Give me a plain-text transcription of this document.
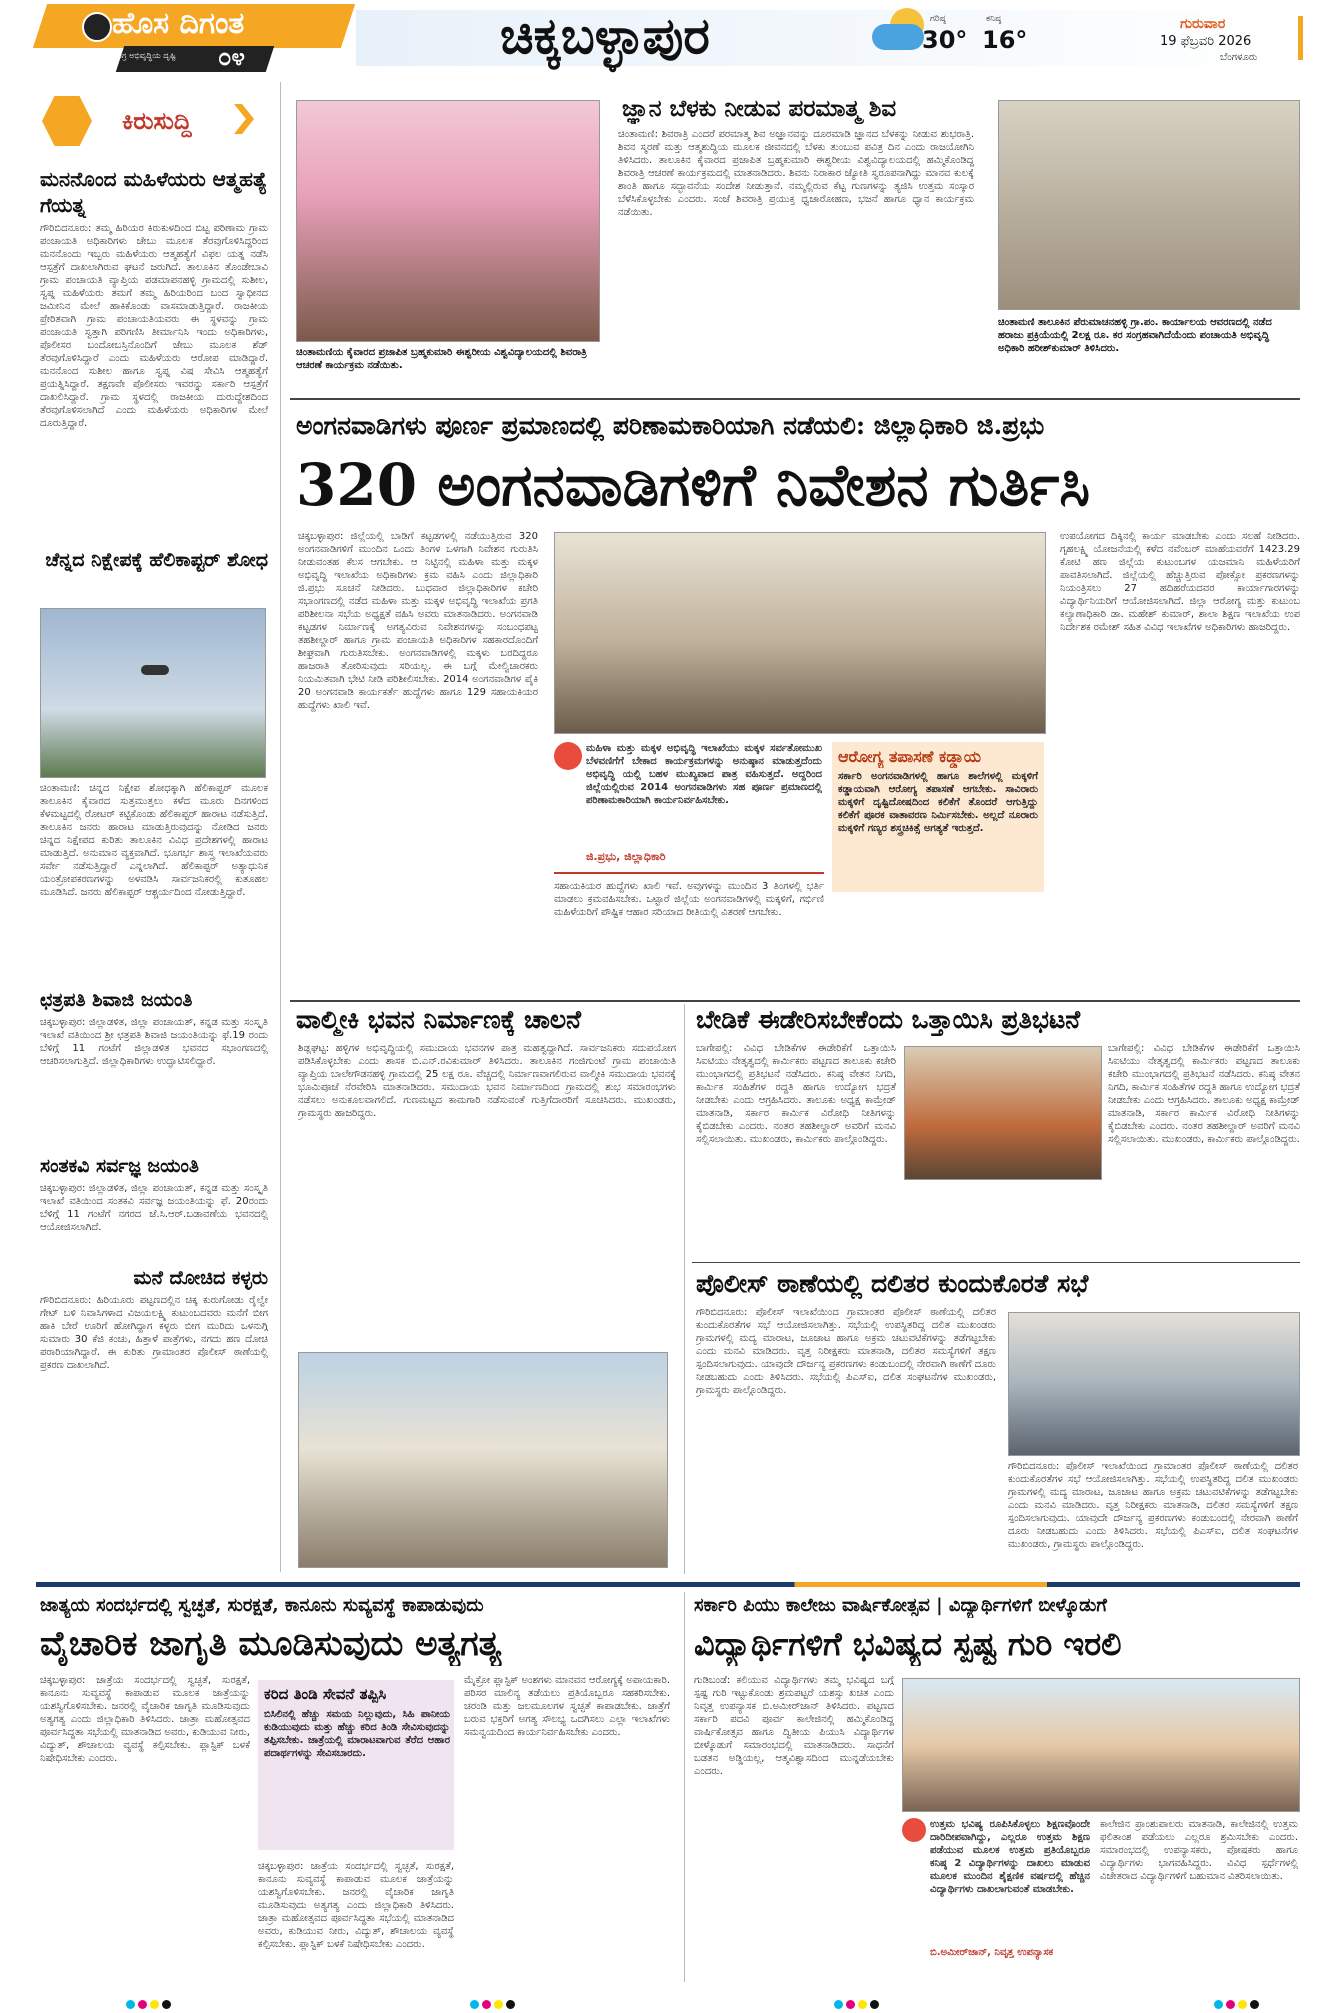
ಹೊಸ ದಿಗಂತ
ಸಮಗ್ರ ಅಭಿವೃದ್ಧಿಯ ದೃಷ್ಟಿ	೦೪	ಚಿಕ್ಕಬಳ್ಳಾಪುರ	ಗರಿಷ್ಠ
30°
ಕನಿಷ್ಠ
16°
ಗುರುವಾರ
19 ಫೆಬ್ರವರಿ 2026
ಬೆಂಗಳೂರು
ಕಿರುಸುದ್ದಿ
ಮನನೊಂದ ಮಹಿಳೆಯರು ಆತ್ಮಹತ್ಯೆ ಗೆಯತ್ನ
ಗೌರಿಬಿದನೂರು: ತಮ್ಮ ಹಿರಿಯರ ಕಿರುಕುಳದಿಂದ ಬಿಟ್ಟ ಪರಿಣಾಮ ಗ್ರಾಮ ಪಂಚಾಯತಿ ಅಧಿಕಾರಿಗಳು ಜೇಬು ಮೂಲಕ ತೆರವುಗೊಳಿಸಿದ್ದರಿಂದ ಮನನೊಂದು ಇಬ್ಬರು ಮಹಿಳೆಯರು ಆತ್ಮಹತ್ಯೆಗೆ ವಿಫಲ ಯತ್ನ ನಡೆಸಿ ಆಸ್ಪತ್ರೆಗೆ ದಾಖಲಾಗಿರುವ ಘಟನೆ ಜರುಗಿದೆ. ತಾಲೂಕಿನ ತೊಂಡೇಬಾವಿ ಗ್ರಾಮ ಪಂಚಾಯತಿ ವ್ಯಾಪ್ತಿಯ ಪಡಮಾಪನಹಳ್ಳಿ ಗ್ರಾಮದಲ್ಲಿ ಸುಶೀಲ, ಸ್ವಪ್ನ ಮಹಿಳೆಯರು ತಮಗೆ ತಮ್ಮ ಹಿರಿಯರಿಂದ ಬಂದ ಸ್ವಾಧೀನದ ಜಮೀನಿನ ಮೇಲೆ ಹಾಕಿಕೊಂಡು ವಾಸಮಾಡುತ್ತಿದ್ದಾರೆ. ರಾಜಕೀಯ ಪ್ರೇರಿತವಾಗಿ ಗ್ರಾಮ ಪಂಚಾಯತಿಯವರು ಈ ಸ್ಥಳವನ್ನು ಗ್ರಾಮ ಪಂಚಾಯತಿ ಸ್ವತ್ತಾಗಿ ಪರಿಗಣಿಸಿ ತೀರ್ಮಾನಿಸಿ ಇಂದು ಅಧಿಕಾರಿಗಳು, ಪೊಲೀಸರ ಬಂದೋಬಸ್ತಿನೊಂದಿಗೆ ಜೇಬು ಮೂಲಕ ಶೆಡ್ ತೆರವುಗೊಳಿಸಿದ್ದಾರೆ ಎಂದು ಮಹಿಳೆಯರು ಆರೋಪ ಮಾಡಿದ್ದಾರೆ. ಮನನೊಂದ ಸುಶೀಲ ಹಾಗೂ ಸ್ವಪ್ನ ವಿಷ ಸೇವಿಸಿ ಆತ್ಮಹತ್ಯೆಗೆ ಪ್ರಯತ್ನಿಸಿದ್ದಾರೆ. ತಕ್ಷಣವೇ ಪೊಲೀಸರು ಇವರನ್ನು ಸರ್ಕಾರಿ ಆಸ್ಪತ್ರೆಗೆ ದಾಖಲಿಸಿದ್ದಾರೆ. ಗ್ರಾಮ ಸ್ಥಳದಲ್ಲಿ ರಾಜಕೀಯ ದುರುದ್ದೇಶದಿಂದ ತೆರವುಗೊಳಿಸಲಾಗಿದೆ ಎಂದು ಮಹಿಳೆಯರು ಅಧಿಕಾರಿಗಳ ಮೇಲೆ ದೂರುತ್ತಿದ್ದಾರೆ.
ಚೆನ್ನದ ನಿಕ್ಷೇಪಕ್ಕೆ ಹೆಲಿಕಾಪ್ಟರ್ ಶೋಧ
ಚಿಂತಾಮಣಿ: ಚಿನ್ನದ ನಿಕ್ಷೇಪ ಶೋಧಕ್ಕಾಗಿ ಹೆಲಿಕಾಪ್ಟರ್ ಮೂಲಕ ತಾಲೂಕಿನ ಕೈವಾರದ ಸುತ್ತಮುತ್ತಲು ಕಳೆದ ಮೂರು ದಿನಗಳಿಂದ ಕೆಳಮಟ್ಟದಲ್ಲಿ ರೋಟರ್ ಕಟ್ಟಿಕೊಂಡು ಹೆಲಿಕಾಪ್ಟರ್ ಹಾರಾಟ ನಡೆಸುತ್ತಿದೆ. ತಾಲೂಕಿನ ಜನರು ಹಾರಾಟ ಮಾಡುತ್ತಿರುವುದನ್ನು ನೋಡಿದ ಜನರು ಚಿನ್ನದ ನಿಕ್ಷೇಪದ ಕುರಿತು ತಾಲೂಕಿನ ವಿವಿಧ ಪ್ರದೇಶಗಳಲ್ಲಿ ಹಾರಾಟ ಮಾಡುತ್ತಿದೆ. ಅನುಮಾನ ವ್ಯಕ್ತವಾಗಿದೆ. ಭೂಗರ್ಭ ಶಾಸ್ತ್ರ ಇಲಾಖೆಯವರು ಸರ್ವೇ ನಡೆಸುತ್ತಿದ್ದಾರೆ ಎನ್ನಲಾಗಿದೆ. ಹೆಲಿಕಾಪ್ಟರ್ ಅತ್ಯಾಧುನಿಕ ಯಂತ್ರೋಪಕರಣಗಳನ್ನು ಅಳವಡಿಸಿ ಸಾರ್ವಜನಿಕರಲ್ಲಿ ಕುತೂಹಲ ಮೂಡಿಸಿದೆ. ಜನರು ಹೆಲಿಕಾಪ್ಟರ್ ಆಶ್ಚರ್ಯದಿಂದ ನೋಡುತ್ತಿದ್ದಾರೆ.
ಛತ್ರಪತಿ ಶಿವಾಜಿ ಜಯಂತಿ
ಚಿಕ್ಕಬಳ್ಳಾಪುರ: ಜಿಲ್ಲಾಡಳಿತ, ಜಿಲ್ಲಾ ಪಂಚಾಯತ್, ಕನ್ನಡ ಮತ್ತು ಸಂಸ್ಕೃತಿ ಇಲಾಖೆ ವತಿಯಿಂದ ಶ್ರೀ ಛತ್ರಪತಿ ಶಿವಾಜಿ ಜಯಂತಿಯನ್ನು ಫೆ.19 ರಂದು ಬೆಳಿಗ್ಗೆ 11 ಗಂಟೆಗೆ ಜಿಲ್ಲಾಡಳಿತ ಭವನದ ಸಭಾಂಗಣದಲ್ಲಿ ಆಚರಿಸಲಾಗುತ್ತಿದೆ. ಜಿಲ್ಲಾಧಿಕಾರಿಗಳು ಉದ್ಘಾಟಿಸಲಿದ್ದಾರೆ.
ಸಂತಕವಿ ಸರ್ವಜ್ಞ ಜಯಂತಿ
ಚಿಕ್ಕಬಳ್ಳಾಪುರ: ಜಿಲ್ಲಾಡಳಿತ, ಜಿಲ್ಲಾ ಪಂಚಾಯತ್, ಕನ್ನಡ ಮತ್ತು ಸಂಸ್ಕೃತಿ ಇಲಾಖೆ ವತಿಯಿಂದ ಸಂತಕವಿ ಸರ್ವಜ್ಞ ಜಯಂತಿಯನ್ನು ಫೆ. 20ರಂದು ಬೆಳಿಗ್ಗೆ 11 ಗಂಟೆಗೆ ನಗರದ ಜೆ.ಸಿ.ಆರ್.ಬಡಾವಣೆಯ ಭವನದಲ್ಲಿ ಆಯೋಜಿಸಲಾಗಿದೆ.
ಮನೆ ದೋಚಿದ ಕಳ್ಳರು
ಗೌರಿಬಿದನೂರು: ಹಿರಿಯೂರು ಪಟ್ಟಣದಲ್ಲಿನ ಚಿಕ್ಕ ಕುರುಗೋಡು ರೈಲ್ವೇ ಗೇಟ್ ಬಳಿ ನಿವಾಸಿಗಳಾದ ವಿಜಯಲಕ್ಷ್ಮಿ ಕುಟುಂಬದವರು ಮನೆಗೆ ಬೀಗ ಹಾಕಿ ಬೇರೆ ಊರಿಗೆ ಹೋಗಿದ್ದಾಗ ಕಳ್ಳರು ಬೀಗ ಮುರಿದು ಒಳನುಗ್ಗಿ ಸುಮಾರು 30 ಕೆಜಿ ಕಂಚು, ಹಿತ್ತಾಳೆ ಪಾತ್ರೆಗಳು, ನಗದು ಹಣ ದೋಚಿ ಪರಾರಿಯಾಗಿದ್ದಾರೆ. ಈ ಕುರಿತು ಗ್ರಾಮಾಂತರ ಪೊಲೀಸ್ ಠಾಣೆಯಲ್ಲಿ ಪ್ರಕರಣ ದಾಖಲಾಗಿದೆ.
ಚಿಂತಾಮಣಿಯ ಕೈವಾರದ ಪ್ರಜಾಪಿತ ಬ್ರಹ್ಮಕುಮಾರಿ ಈಶ್ವರೀಯ ವಿಶ್ವವಿದ್ಯಾಲಯದಲ್ಲಿ ಶಿವರಾತ್ರಿ ಆಚರಣೆ ಕಾರ್ಯಕ್ರಮ ನಡೆಯಿತು.
ಜ್ಞಾನ ಬೆಳಕು ನೀಡುವ ಪರಮಾತ್ಮ ಶಿವ
ಚಿಂತಾಮಣಿ: ಶಿವರಾತ್ರಿ ಎಂದರೆ ಪರಮಾತ್ಮ ಶಿವ ಅಜ್ಞಾನವನ್ನು ದೂರಮಾಡಿ ಜ್ಞಾನದ ಬೆಳಕನ್ನು ನೀಡುವ ಶುಭರಾತ್ರಿ. ಶಿವನ ಸ್ಮರಣೆ ಮತ್ತು ಆತ್ಮಶುದ್ಧಿಯ ಮೂಲಕ ಜೀವನದಲ್ಲಿ ಬೆಳಕು ತುಂಬುವ ಪವಿತ್ರ ದಿನ ಎಂದು ರಾಜಯೋಗಿನಿ ತಿಳಿಸಿದರು. ತಾಲೂಕಿನ ಕೈವಾರದ ಪ್ರಜಾಪಿತ ಬ್ರಹ್ಮಕುಮಾರಿ ಈಶ್ವರೀಯ ವಿಶ್ವವಿದ್ಯಾಲಯದಲ್ಲಿ ಹಮ್ಮಿಕೊಂಡಿದ್ದ ಶಿವರಾತ್ರಿ ಆಚರಣೆ ಕಾರ್ಯಕ್ರಮದಲ್ಲಿ ಮಾತನಾಡಿದರು. ಶಿವನು ನಿರಾಕಾರ ಜ್ಯೋತಿ ಸ್ವರೂಪನಾಗಿದ್ದು ಮಾನವ ಕುಲಕ್ಕೆ ಶಾಂತಿ ಹಾಗೂ ಸದ್ಭಾವನೆಯ ಸಂದೇಶ ನೀಡುತ್ತಾನೆ. ನಮ್ಮಲ್ಲಿರುವ ಕೆಟ್ಟ ಗುಣಗಳನ್ನು ತ್ಯಜಿಸಿ ಉತ್ತಮ ಸಂಸ್ಕಾರ ಬೆಳೆಸಿಕೊಳ್ಳಬೇಕು ಎಂದರು. ಸಂಜೆ ಶಿವರಾತ್ರಿ ಪ್ರಯುಕ್ತ ಧ್ವಜಾರೋಹಣ, ಭಜನೆ ಹಾಗೂ ಧ್ಯಾನ ಕಾರ್ಯಕ್ರಮ ನಡೆಯಿತು.
ಚಿಂತಾಮಣಿ ತಾಲೂಕಿನ ಪೆರುಮಾಚನಹಳ್ಳಿ ಗ್ರಾ.ಪಂ. ಕಾರ್ಯಾಲಯ ಆವರಣದಲ್ಲಿ ನಡೆದ ಹರಾಜು ಪ್ರಕ್ರಿಯೆಯಲ್ಲಿ 2ಲಕ್ಷ ರೂ. ಕರ ಸಂಗ್ರಹವಾಗಿದೆಯೆಂದು ಪಂಚಾಯತಿ ಅಭಿವೃದ್ಧಿ ಅಧಿಕಾರಿ ಹರೀಶ್‌ಕುಮಾರ್ ತಿಳಿಸಿದರು.
ಅಂಗನವಾಡಿಗಳು ಪೂರ್ಣ ಪ್ರಮಾಣದಲ್ಲಿ ಪರಿಣಾಮಕಾರಿಯಾಗಿ ನಡೆಯಲಿ: ಜಿಲ್ಲಾಧಿಕಾರಿ ಜಿ.ಪ್ರಭು
320 ಅಂಗನವಾಡಿಗಳಿಗೆ ನಿವೇಶನ ಗುರ್ತಿಸಿ
ಚಿಕ್ಕಬಳ್ಳಾಪುರ: ಜಿಲ್ಲೆಯಲ್ಲಿ ಬಾಡಿಗೆ ಕಟ್ಟಡಗಳಲ್ಲಿ ನಡೆಯುತ್ತಿರುವ 320 ಅಂಗನವಾಡಿಗಳಿಗೆ ಮುಂದಿನ ಒಂದು ತಿಂಗಳ ಒಳಗಾಗಿ ನಿವೇಶನ ಗುರುತಿಸಿ ನೀಡುವಂತಹ ಕೆಲಸ ಆಗಬೇಕು. ಆ ನಿಟ್ಟಿನಲ್ಲಿ ಮಹಿಳಾ ಮತ್ತು ಮಕ್ಕಳ ಅಭಿವೃದ್ಧಿ ಇಲಾಖೆಯ ಅಧಿಕಾರಿಗಳು ಕ್ರಮ ವಹಿಸಿ ಎಂದು ಜಿಲ್ಲಾಧಿಕಾರಿ ಜಿ.ಪ್ರಭು ಸೂಚನೆ ನೀಡಿದರು. ಬುಧವಾರ ಜಿಲ್ಲಾಧಿಕಾರಿಗಳ ಕಚೇರಿ ಸಭಾಂಗಣದಲ್ಲಿ ನಡೆದ ಮಹಿಳಾ ಮತ್ತು ಮಕ್ಕಳ ಅಭಿವೃದ್ಧಿ ಇಲಾಖೆಯ ಪ್ರಗತಿ ಪರಿಶೀಲನಾ ಸಭೆಯ ಅಧ್ಯಕ್ಷತೆ ವಹಿಸಿ ಅವರು ಮಾತನಾಡಿದರು. ಅಂಗನವಾಡಿ ಕಟ್ಟಡಗಳ ನಿರ್ಮಾಣಕ್ಕೆ ಅಗತ್ಯವಿರುವ ನಿವೇಶನಗಳನ್ನು ಸಂಬಂಧಪಟ್ಟ ತಹಶೀಲ್ದಾರ್ ಹಾಗೂ ಗ್ರಾಮ ಪಂಚಾಯತಿ ಅಧಿಕಾರಿಗಳ ಸಹಕಾರದೊಂದಿಗೆ ಶೀಘ್ರವಾಗಿ ಗುರುತಿಸಬೇಕು. ಅಂಗನವಾಡಿಗಳಲ್ಲಿ ಮಕ್ಕಳು ಬರದಿದ್ದರೂ ಹಾಜರಾತಿ ತೋರಿಸುವುದು ಸರಿಯಲ್ಲ. ಈ ಬಗ್ಗೆ ಮೇಲ್ವಿಚಾರಕರು ನಿಯಮಿತವಾಗಿ ಭೇಟಿ ನೀಡಿ ಪರಿಶೀಲಿಸಬೇಕು. 2014 ಅಂಗನವಾಡಿಗಳ ಪೈಕಿ 20 ಅಂಗನವಾಡಿ ಕಾರ್ಯಕರ್ತೆ ಹುದ್ದೆಗಳು ಹಾಗೂ 129 ಸಹಾಯಕಿಯರ ಹುದ್ದೆಗಳು ಖಾಲಿ ಇವೆ.
ಮಹಿಳಾ ಮತ್ತು ಮಕ್ಕಳ ಅಭಿವೃದ್ಧಿ ಇಲಾಖೆಯು ಮಕ್ಕಳ ಸರ್ವತೋಮುಖ ಬೆಳವಣಿಗೆಗೆ ಬೇಕಾದ ಕಾರ್ಯಕ್ರಮಗಳನ್ನು ಅನುಷ್ಠಾನ ಮಾಡುತ್ತದೆಂದು ಅಭಿವೃದ್ಧಿ ಯಲ್ಲಿ ಬಹಳ ಮುಖ್ಯವಾದ ಪಾತ್ರ ವಹಿಸುತ್ತದೆ. ಅದ್ದರಿಂದ ಜಿಲ್ಲೆಯಲ್ಲಿರುವ 2014 ಅಂಗನವಾಡಿಗಳು ಸಹ ಪೂರ್ಣ ಪ್ರಮಾಣದಲ್ಲಿ ಪರಿಣಾಮಕಾರಿಯಾಗಿ ಕಾರ್ಯನಿರ್ವಹಿಸಬೇಕು.
ಜಿ.ಪ್ರಭು, ಜಿಲ್ಲಾಧಿಕಾರಿ
ಆರೋಗ್ಯ ತಪಾಸಣೆ ಕಡ್ಡಾಯ
ಸರ್ಕಾರಿ ಅಂಗನವಾಡಿಗಳಲ್ಲಿ ಹಾಗೂ ಶಾಲೆಗಳಲ್ಲಿ ಮಕ್ಕಳಿಗೆ ಕಡ್ಡಾಯವಾಗಿ ಆರೋಗ್ಯ ತಪಾಸಣೆ ಆಗಬೇಕು. ಸಾವಿರಾರು ಮಕ್ಕಳಿಗೆ ದೃಷ್ಟಿದೋಷದಿಂದ ಕಲಿಕೆಗೆ ತೊಂದರೆ ಆಗುತ್ತಿದ್ದು ಕಲಿಕೆಗೆ ಪೂರಕ ವಾತಾವರಣ ನಿರ್ಮಿಸಬೇಕು. ಅಲ್ಲದೆ ನೂರಾರು ಮಕ್ಕಳಿಗೆ ಗಣ್ಯರ ಶಸ್ತ್ರಚಿಕಿತ್ಸೆ ಅಗತ್ಯತೆ ಇರುತ್ತದೆ.
ಸಹಾಯಕಿಯರ ಹುದ್ದೆಗಳು ಖಾಲಿ ಇವೆ. ಅವುಗಳನ್ನು ಮುಂದಿನ 3 ತಿಂಗಳಲ್ಲಿ ಭರ್ತಿ ಮಾಡಲು ಕ್ರಮವಹಿಸಬೇಕು. ಒಟ್ಟಾರೆ ಜಿಲ್ಲೆಯ ಅಂಗನವಾಡಿಗಳಲ್ಲಿ ಮಕ್ಕಳಿಗೆ, ಗರ್ಭಿಣಿ ಮಹಿಳೆಯರಿಗೆ ಪೌಷ್ಟಿಕ ಆಹಾರ ಸರಿಯಾದ ರೀತಿಯಲ್ಲಿ ವಿತರಣೆ ಆಗಬೇಕು.
ಉಪಯೋಗದ ದಿಕ್ಕಿನಲ್ಲಿ ಕಾರ್ಯ ಮಾಡಬೇಕು ಎಂದು ಸಲಹೆ ನೀಡಿದರು. ಗೃಹಲಕ್ಷ್ಮಿ ಯೋಜನೆಯಲ್ಲಿ ಕಳೆದ ನವೆಂಬರ್ ಮಾಹೆಯವರೆಗೆ 1423.29 ಕೋಟಿ ಹಣ ಜಿಲ್ಲೆಯ ಕುಟುಂಬಗಳ ಯಜಮಾನಿ ಮಹಿಳೆಯರಿಗೆ ಪಾವತಿಸಲಾಗಿದೆ. ಜಿಲ್ಲೆಯಲ್ಲಿ ಹೆಚ್ಚುತ್ತಿರುವ ಪೋಕ್ಸೋ ಪ್ರಕರಣಗಳನ್ನು ನಿಯಂತ್ರಿಸಲು 27 ಹದಿಹರೆಯದವರ ಕಾರ್ಯಾಗಾರಗಳನ್ನು ವಿದ್ಯಾರ್ಥಿನಿಯರಿಗೆ ಆಯೋಜಿಸಲಾಗಿದೆ. ಜಿಲ್ಲಾ ಆರೋಗ್ಯ ಮತ್ತು ಕುಟುಂಬ ಕಲ್ಯಾಣಾಧಿಕಾರಿ ಡಾ. ಮಹೇಶ್ ಕುಮಾರ್, ಶಾಲಾ ಶಿಕ್ಷಣ ಇಲಾಖೆಯ ಉಪ ನಿರ್ದೇಶಕ ರಮೇಶ್ ಸಹಿತ ವಿವಿಧ ಇಲಾಖೆಗಳ ಅಧಿಕಾರಿಗಳು ಹಾಜರಿದ್ದರು.
ವಾಲ್ಮೀಕಿ ಭವನ ನಿರ್ಮಾಣಕ್ಕೆ ಚಾಲನೆ
ಶಿಡ್ಲಘಟ್ಟ: ಹಳ್ಳಿಗಳ ಅಭಿವೃದ್ಧಿಯಲ್ಲಿ ಸಮುದಾಯ ಭವನಗಳ ಪಾತ್ರ ಮಹತ್ವದ್ದಾಗಿದೆ. ಸಾರ್ವಜನಿಕರು ಸದುಪಯೋಗ ಪಡಿಸಿಕೊಳ್ಳಬೇಕು ಎಂದು ಶಾಸಕ ಬಿ.ಎನ್.ರವಿಕುಮಾರ್ ತಿಳಿಸಿದರು. ತಾಲೂಕಿನ ಗಂಜಿಗುಂಟೆ ಗ್ರಾಮ ಪಂಚಾಯಿತಿ ವ್ಯಾಪ್ತಿಯ ಬಾಲೇಗೌಡನಹಳ್ಳಿ ಗ್ರಾಮದಲ್ಲಿ 25 ಲಕ್ಷ ರೂ. ವೆಚ್ಚದಲ್ಲಿ ನಿರ್ಮಾಣವಾಗಲಿರುವ ವಾಲ್ಮೀಕಿ ಸಮುದಾಯ ಭವನಕ್ಕೆ ಭೂಮಿಪೂಜೆ ನೆರವೇರಿಸಿ ಮಾತನಾಡಿದರು. ಸಮುದಾಯ ಭವನ ನಿರ್ಮಾಣದಿಂದ ಗ್ರಾಮದಲ್ಲಿ ಶುಭ ಸಮಾರಂಭಗಳು ನಡೆಸಲು ಅನುಕೂಲವಾಗಲಿದೆ. ಗುಣಮಟ್ಟದ ಕಾಮಗಾರಿ ನಡೆಸುವಂತೆ ಗುತ್ತಿಗೆದಾರರಿಗೆ ಸೂಚಿಸಿದರು. ಮುಖಂಡರು, ಗ್ರಾಮಸ್ಥರು ಹಾಜರಿದ್ದರು.
ಬೇಡಿಕೆ ಈಡೇರಿಸಬೇಕೆಂದು ಒತ್ತಾಯಿಸಿ ಪ್ರತಿಭಟನೆ
ಬಾಗೇಪಲ್ಲಿ: ವಿವಿಧ ಬೇಡಿಕೆಗಳ ಈಡೇರಿಕೆಗೆ ಒತ್ತಾಯಿಸಿ ಸಿಐಟಿಯು ನೇತೃತ್ವದಲ್ಲಿ ಕಾರ್ಮಿಕರು ಪಟ್ಟಣದ ತಾಲೂಕು ಕಚೇರಿ ಮುಂಭಾಗದಲ್ಲಿ ಪ್ರತಿಭಟನೆ ನಡೆಸಿದರು. ಕನಿಷ್ಠ ವೇತನ ನಿಗದಿ, ಕಾರ್ಮಿಕ ಸಂಹಿತೆಗಳ ರದ್ದತಿ ಹಾಗೂ ಉದ್ಯೋಗ ಭದ್ರತೆ ನೀಡಬೇಕು ಎಂದು ಆಗ್ರಹಿಸಿದರು. ತಾಲೂಕು ಅಧ್ಯಕ್ಷ ಕಾಮ್ರೇಡ್ ಮಾತನಾಡಿ, ಸರ್ಕಾರ ಕಾರ್ಮಿಕ ವಿರೋಧಿ ನೀತಿಗಳನ್ನು ಕೈಬಿಡಬೇಕು ಎಂದರು. ನಂತರ ತಹಶೀಲ್ದಾರ್ ಅವರಿಗೆ ಮನವಿ ಸಲ್ಲಿಸಲಾಯಿತು. ಮುಖಂಡರು, ಕಾರ್ಮಿಕರು ಪಾಲ್ಗೊಂಡಿದ್ದರು.
ಬಾಗೇಪಲ್ಲಿ: ವಿವಿಧ ಬೇಡಿಕೆಗಳ ಈಡೇರಿಕೆಗೆ ಒತ್ತಾಯಿಸಿ ಸಿಐಟಿಯು ನೇತೃತ್ವದಲ್ಲಿ ಕಾರ್ಮಿಕರು ಪಟ್ಟಣದ ತಾಲೂಕು ಕಚೇರಿ ಮುಂಭಾಗದಲ್ಲಿ ಪ್ರತಿಭಟನೆ ನಡೆಸಿದರು. ಕನಿಷ್ಠ ವೇತನ ನಿಗದಿ, ಕಾರ್ಮಿಕ ಸಂಹಿತೆಗಳ ರದ್ದತಿ ಹಾಗೂ ಉದ್ಯೋಗ ಭದ್ರತೆ ನೀಡಬೇಕು ಎಂದು ಆಗ್ರಹಿಸಿದರು. ತಾಲೂಕು ಅಧ್ಯಕ್ಷ ಕಾಮ್ರೇಡ್ ಮಾತನಾಡಿ, ಸರ್ಕಾರ ಕಾರ್ಮಿಕ ವಿರೋಧಿ ನೀತಿಗಳನ್ನು ಕೈಬಿಡಬೇಕು ಎಂದರು. ನಂತರ ತಹಶೀಲ್ದಾರ್ ಅವರಿಗೆ ಮನವಿ ಸಲ್ಲಿಸಲಾಯಿತು. ಮುಖಂಡರು, ಕಾರ್ಮಿಕರು ಪಾಲ್ಗೊಂಡಿದ್ದರು.
ಪೊಲೀಸ್ ಠಾಣೆಯಲ್ಲಿ ದಲಿತರ ಕುಂದುಕೊರತೆ ಸಭೆ
ಗೌರಿಬಿದನೂರು: ಪೊಲೀಸ್ ಇಲಾಖೆಯಿಂದ ಗ್ರಾಮಾಂತರ ಪೊಲೀಸ್ ಠಾಣೆಯಲ್ಲಿ ದಲಿತರ ಕುಂದುಕೊರತೆಗಳ ಸಭೆ ಆಯೋಜಿಸಲಾಗಿತ್ತು. ಸಭೆಯಲ್ಲಿ ಉಪಸ್ಥಿತರಿದ್ದ ದಲಿತ ಮುಖಂಡರು ಗ್ರಾಮಗಳಲ್ಲಿ ಮದ್ಯ ಮಾರಾಟ, ಜೂಜಾಟ ಹಾಗೂ ಅಕ್ರಮ ಚಟುವಟಿಕೆಗಳನ್ನು ತಡೆಗಟ್ಟಬೇಕು ಎಂದು ಮನವಿ ಮಾಡಿದರು. ವೃತ್ತ ನಿರೀಕ್ಷಕರು ಮಾತನಾಡಿ, ದಲಿತರ ಸಮಸ್ಯೆಗಳಿಗೆ ತಕ್ಷಣ ಸ್ಪಂದಿಸಲಾಗುವುದು. ಯಾವುದೇ ದೌರ್ಜನ್ಯ ಪ್ರಕರಣಗಳು ಕಂಡುಬಂದಲ್ಲಿ ನೇರವಾಗಿ ಠಾಣೆಗೆ ದೂರು ನೀಡಬಹುದು ಎಂದು ತಿಳಿಸಿದರು. ಸಭೆಯಲ್ಲಿ ಪಿಎಸ್ಐ, ದಲಿತ ಸಂಘಟನೆಗಳ ಮುಖಂಡರು, ಗ್ರಾಮಸ್ಥರು ಪಾಲ್ಗೊಂಡಿದ್ದರು.
ಗೌರಿಬಿದನೂರು: ಪೊಲೀಸ್ ಇಲಾಖೆಯಿಂದ ಗ್ರಾಮಾಂತರ ಪೊಲೀಸ್ ಠಾಣೆಯಲ್ಲಿ ದಲಿತರ ಕುಂದುಕೊರತೆಗಳ ಸಭೆ ಆಯೋಜಿಸಲಾಗಿತ್ತು. ಸಭೆಯಲ್ಲಿ ಉಪಸ್ಥಿತರಿದ್ದ ದಲಿತ ಮುಖಂಡರು ಗ್ರಾಮಗಳಲ್ಲಿ ಮದ್ಯ ಮಾರಾಟ, ಜೂಜಾಟ ಹಾಗೂ ಅಕ್ರಮ ಚಟುವಟಿಕೆಗಳನ್ನು ತಡೆಗಟ್ಟಬೇಕು ಎಂದು ಮನವಿ ಮಾಡಿದರು. ವೃತ್ತ ನಿರೀಕ್ಷಕರು ಮಾತನಾಡಿ, ದಲಿತರ ಸಮಸ್ಯೆಗಳಿಗೆ ತಕ್ಷಣ ಸ್ಪಂದಿಸಲಾಗುವುದು. ಯಾವುದೇ ದೌರ್ಜನ್ಯ ಪ್ರಕರಣಗಳು ಕಂಡುಬಂದಲ್ಲಿ ನೇರವಾಗಿ ಠಾಣೆಗೆ ದೂರು ನೀಡಬಹುದು ಎಂದು ತಿಳಿಸಿದರು. ಸಭೆಯಲ್ಲಿ ಪಿಎಸ್ಐ, ದಲಿತ ಸಂಘಟನೆಗಳ ಮುಖಂಡರು, ಗ್ರಾಮಸ್ಥರು ಪಾಲ್ಗೊಂಡಿದ್ದರು.
ಜಾತ್ಯಯ ಸಂದರ್ಭದಲ್ಲಿ ಸ್ವಚ್ಛತೆ, ಸುರಕ್ಷತೆ, ಕಾನೂನು ಸುವ್ಯವಸ್ಥೆ ಕಾಪಾಡುವುದು
ವೈಚಾರಿಕ ಜಾಗೃತಿ ಮೂಡಿಸುವುದು ಅತ್ಯಗತ್ಯ
ಚಿಕ್ಕಬಳ್ಳಾಪುರ: ಜಾತ್ರೆಯ ಸಂದರ್ಭದಲ್ಲಿ ಸ್ವಚ್ಛತೆ, ಸುರಕ್ಷತೆ, ಕಾನೂನು ಸುವ್ಯವಸ್ಥೆ ಕಾಪಾಡುವ ಮೂಲಕ ಜಾತ್ರೆಯನ್ನು ಯಶಸ್ವಿಗೊಳಿಸಬೇಕು. ಜನರಲ್ಲಿ ವೈಚಾರಿಕ ಜಾಗೃತಿ ಮೂಡಿಸುವುದು ಅತ್ಯಗತ್ಯ ಎಂದು ಜಿಲ್ಲಾಧಿಕಾರಿ ತಿಳಿಸಿದರು. ಜಾತ್ರಾ ಮಹೋತ್ಸವದ ಪೂರ್ವಸಿದ್ಧತಾ ಸಭೆಯಲ್ಲಿ ಮಾತನಾಡಿದ ಅವರು, ಕುಡಿಯುವ ನೀರು, ವಿದ್ಯುತ್, ಶೌಚಾಲಯ ವ್ಯವಸ್ಥೆ ಕಲ್ಪಿಸಬೇಕು. ಪ್ಲಾಸ್ಟಿಕ್ ಬಳಕೆ ನಿಷೇಧಿಸಬೇಕು ಎಂದರು.
ಕರಿದ ತಿಂಡಿ ಸೇವನೆ ತಪ್ಪಿಸಿ
ಬಿಸಿಲಿನಲ್ಲಿ ಹೆಚ್ಚು ಸಮಯ ನಿಲ್ಲುವುದು, ಸಿಹಿ ಪಾನೀಯ ಕುಡಿಯುವುದು ಮತ್ತು ಹೆಚ್ಚು ಕರಿದ ತಿಂಡಿ ಸೇವಿಸುವುದನ್ನು ತಪ್ಪಿಸಬೇಕು. ಜಾತ್ರೆಯಲ್ಲಿ ಮಾರಾಟವಾಗುವ ತೆರೆದ ಆಹಾರ ಪದಾರ್ಥಗಳನ್ನು ಸೇವಿಸಬಾರದು.
ಚಿಕ್ಕಬಳ್ಳಾಪುರ: ಜಾತ್ರೆಯ ಸಂದರ್ಭದಲ್ಲಿ ಸ್ವಚ್ಛತೆ, ಸುರಕ್ಷತೆ, ಕಾನೂನು ಸುವ್ಯವಸ್ಥೆ ಕಾಪಾಡುವ ಮೂಲಕ ಜಾತ್ರೆಯನ್ನು ಯಶಸ್ವಿಗೊಳಿಸಬೇಕು. ಜನರಲ್ಲಿ ವೈಚಾರಿಕ ಜಾಗೃತಿ ಮೂಡಿಸುವುದು ಅತ್ಯಗತ್ಯ ಎಂದು ಜಿಲ್ಲಾಧಿಕಾರಿ ತಿಳಿಸಿದರು. ಜಾತ್ರಾ ಮಹೋತ್ಸವದ ಪೂರ್ವಸಿದ್ಧತಾ ಸಭೆಯಲ್ಲಿ ಮಾತನಾಡಿದ ಅವರು, ಕುಡಿಯುವ ನೀರು, ವಿದ್ಯುತ್, ಶೌಚಾಲಯ ವ್ಯವಸ್ಥೆ ಕಲ್ಪಿಸಬೇಕು. ಪ್ಲಾಸ್ಟಿಕ್ ಬಳಕೆ ನಿಷೇಧಿಸಬೇಕು ಎಂದರು.
ಮೈಕ್ರೋ ಪ್ಲಾಸ್ಟಿಕ್ ಅಂಶಗಳು ಮಾನವನ ಆರೋಗ್ಯಕ್ಕೆ ಅಪಾಯಕಾರಿ. ಪರಿಸರ ಮಾಲಿನ್ಯ ತಡೆಯಲು ಪ್ರತಿಯೊಬ್ಬರೂ ಸಹಕರಿಸಬೇಕು. ಚರಂಡಿ ಮತ್ತು ಜಲಮೂಲಗಳ ಸ್ವಚ್ಛತೆ ಕಾಪಾಡಬೇಕು. ಜಾತ್ರೆಗೆ ಬರುವ ಭಕ್ತರಿಗೆ ಅಗತ್ಯ ಸೌಲಭ್ಯ ಒದಗಿಸಲು ಎಲ್ಲಾ ಇಲಾಖೆಗಳು ಸಮನ್ವಯದಿಂದ ಕಾರ್ಯನಿರ್ವಹಿಸಬೇಕು ಎಂದರು.
ಸರ್ಕಾರಿ ಪಿಯು ಕಾಲೇಜು ವಾರ್ಷಿಕೋತ್ಸವ | ವಿದ್ಯಾರ್ಥಿಗಳಿಗೆ ಬೀಳ್ಕೊಡುಗೆ
ವಿದ್ಯಾರ್ಥಿಗಳಿಗೆ ಭವಿಷ್ಯದ ಸ್ಪಷ್ಟ ಗುರಿ ಇರಲಿ
ಗುಡಿಬಂಡೆ: ಕಲಿಯುವ ವಿದ್ಯಾರ್ಥಿಗಳು ತಮ್ಮ ಭವಿಷ್ಯದ ಬಗ್ಗೆ ಸ್ಪಷ್ಟ ಗುರಿ ಇಟ್ಟುಕೊಂಡು ಶ್ರಮಪಟ್ಟರೆ ಯಶಸ್ಸು ಖಚಿತ ಎಂದು ನಿವೃತ್ತ ಉಪನ್ಯಾಸಕ ಬಿ.ಅಮೀರ್‌ಜಾನ್ ತಿಳಿಸಿದರು. ಪಟ್ಟಣದ ಸರ್ಕಾರಿ ಪದವಿ ಪೂರ್ವ ಕಾಲೇಜಿನಲ್ಲಿ ಹಮ್ಮಿಕೊಂಡಿದ್ದ ವಾರ್ಷಿಕೋತ್ಸವ ಹಾಗೂ ದ್ವಿತೀಯ ಪಿಯುಸಿ ವಿದ್ಯಾರ್ಥಿಗಳ ಬೀಳ್ಕೊಡುಗೆ ಸಮಾರಂಭದಲ್ಲಿ ಮಾತನಾಡಿದರು. ಸಾಧನೆಗೆ ಬಡತನ ಅಡ್ಡಿಯಲ್ಲ, ಆತ್ಮವಿಶ್ವಾಸದಿಂದ ಮುನ್ನಡೆಯಬೇಕು ಎಂದರು.
ಉತ್ತಮ ಭವಿಷ್ಯ ರೂಪಿಸಿಕೊಳ್ಳಲು ಶಿಕ್ಷಣವೊಂದೇ ದಾರಿದೀಪವಾಗಿದ್ದು, ಎಲ್ಲರೂ ಉತ್ತಮ ಶಿಕ್ಷಣ ಪಡೆಯುವ ಮೂಲಕ ಉತ್ತಮ ಪ್ರತಿಯೊಬ್ಬರೂ ಕನಿಷ್ಠ 2 ವಿದ್ಯಾರ್ಥಿಗಳನ್ನು ದಾಖಲು ಮಾಡುವ ಮೂಲಕ ಮುಂದಿನ ಶೈಕ್ಷಣಿಕ ವರ್ಷದಲ್ಲಿ ಹೆಚ್ಚಿನ ವಿದ್ಯಾರ್ಥಿಗಳು ದಾಖಲಾಗುವಂತೆ ಮಾಡಬೇಕು.
ಬಿ.ಅಮೀರ್‌ಜಾನ್, ನಿವೃತ್ತ ಉಪನ್ಯಾಸಕ
ಕಾಲೇಜಿನ ಪ್ರಾಂಶುಪಾಲರು ಮಾತನಾಡಿ, ಕಾಲೇಜಿನಲ್ಲಿ ಉತ್ತಮ ಫಲಿತಾಂಶ ಪಡೆಯಲು ಎಲ್ಲರೂ ಶ್ರಮಿಸಬೇಕು ಎಂದರು. ಸಮಾರಂಭದಲ್ಲಿ ಉಪನ್ಯಾಸಕರು, ಪೋಷಕರು ಹಾಗೂ ವಿದ್ಯಾರ್ಥಿಗಳು ಭಾಗವಹಿಸಿದ್ದರು. ವಿವಿಧ ಸ್ಪರ್ಧೆಗಳಲ್ಲಿ ವಿಜೇತರಾದ ವಿದ್ಯಾರ್ಥಿಗಳಿಗೆ ಬಹುಮಾನ ವಿತರಿಸಲಾಯಿತು.
